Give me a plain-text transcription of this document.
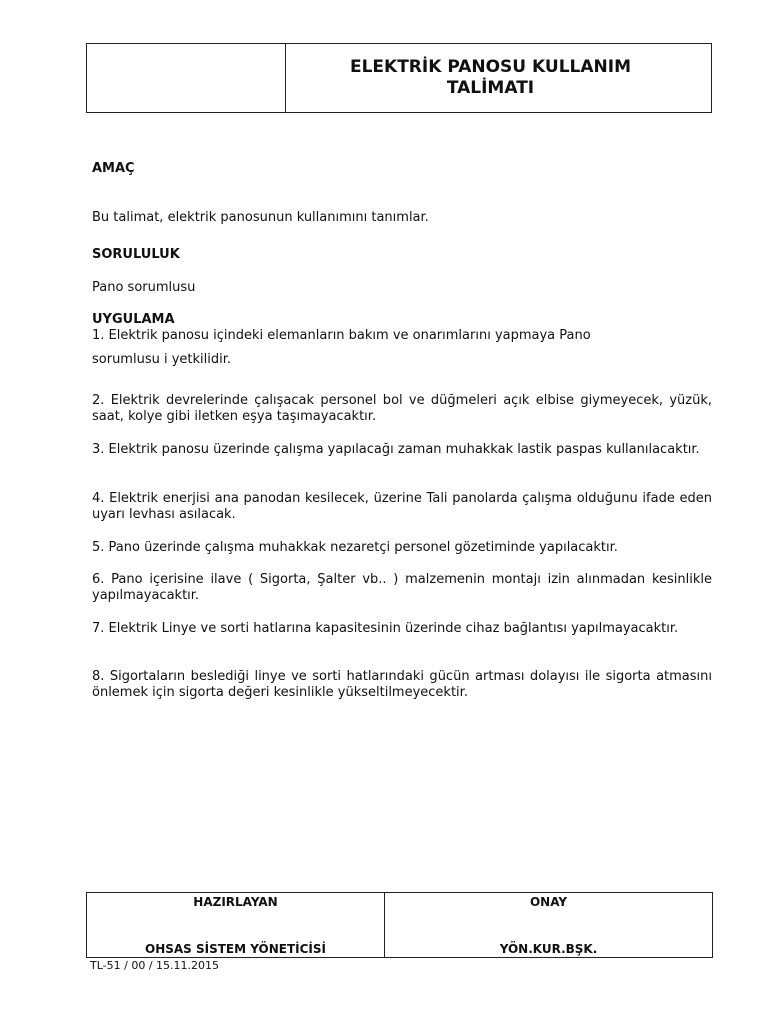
ELEKTRİK PANOSU KULLANIM
TALİMATI

AMAÇ

Bu talimat, elektrik panosunun kullanımını tanımlar.

SORULULUK

Pano sorumlusu

UYGULAMA

1. Elektrik panosu içindeki elemanların bakım ve onarımlarını yapmaya Pano

sorumlusu i yetkilidir.

2. Elektrik devrelerinde çalışacak personel bol ve düğmeleri açık elbise giymeyecek, yüzük, saat, kolye gibi iletken eşya taşımayacaktır.

3. Elektrik panosu üzerinde çalışma yapılacağı zaman muhakkak lastik paspas kullanılacaktır.

4. Elektrik enerjisi ana panodan kesilecek, üzerine Tali panolarda çalışma olduğunu ifade eden uyarı levhası asılacak.

5. Pano üzerinde çalışma muhakkak nezaretçi personel gözetiminde yapılacaktır.

6. Pano içerisine ilave ( Sigorta, Şalter vb.. ) malzemenin montajı izin alınmadan kesinlikle yapılmayacaktır.

7. Elektrik Linye ve sorti hatlarına kapasitesinin üzerinde cihaz bağlantısı yapılmayacaktır.

8. Sigortaların beslediği linye ve sorti hatlarındaki gücün artması dolayısı ile sigorta atmasını önlemek için sigorta değeri kesinlikle yükseltilmeyecektir.

HAZIRLAYAN
OHSAS SİSTEM YÖNETİCİSİ
ONAY
YÖN.KUR.BŞK.
TL-51 / 00 / 15.11.2015
